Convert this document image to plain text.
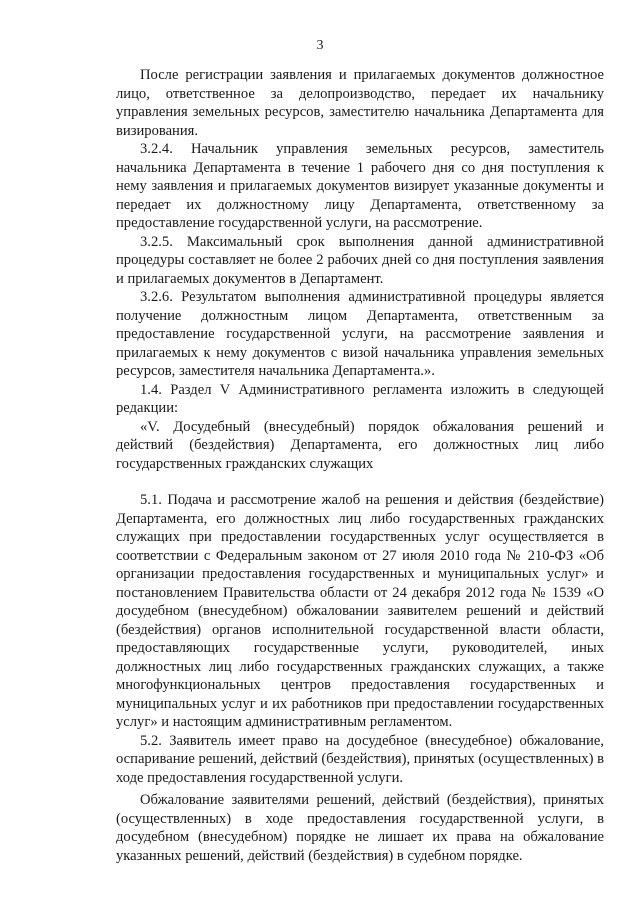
3

После регистрации заявления и прилагаемых документов должностное лицо, ответственное за делопроизводство, передает их начальнику управления земельных ресурсов, заместителю начальника Департамента для визирования.

3.2.4. Начальник управления земельных ресурсов, заместитель начальника Департамента в течение 1 рабочего дня со дня поступления к нему заявления и прилагаемых документов визирует указанные документы и передает их должностному лицу Департамента, ответственному за предоставление государственной услуги, на рассмотрение.

3.2.5. Максимальный срок выполнения данной административной процедуры составляет не более 2 рабочих дней со дня поступления заявления и прилагаемых документов в Департамент.

3.2.6. Результатом выполнения административной процедуры является получение должностным лицом Департамента, ответственным за предоставление государственной услуги, на рассмотрение заявления и прилагаемых к нему документов с визой начальника управления земельных ресурсов, заместителя начальника Департамента.».

1.4. Раздел V Административного регламента изложить в следующей редакции:

«V. Досудебный (внесудебный) порядок обжалования решений и действий (бездействия) Департамента, его должностных лиц либо государственных гражданских служащих

5.1. Подача и рассмотрение жалоб на решения и действия (бездействие) Департамента, его должностных лиц либо государственных гражданских служащих при предоставлении государственных услуг осуществляется в соответствии с Федеральным законом от 27 июля 2010 года № 210-ФЗ «Об организации предоставления государственных и муниципальных услуг» и постановлением Правительства области от 24 декабря 2012 года № 1539 «О досудебном (внесудебном) обжаловании заявителем решений и действий (бездействия) органов исполнительной государственной власти области, предоставляющих государственные услуги, руководителей, иных должностных лиц либо государственных гражданских служащих, а также многофункциональных центров предоставления государственных и муниципальных услуг и их работников при предоставлении государственных услуг» и настоящим административным регламентом.

5.2. Заявитель имеет право на досудебное (внесудебное) обжалование, оспаривание решений, действий (бездействия), принятых (осуществленных) в ходе предоставления государственной услуги.

Обжалование заявителями решений, действий (бездействия), принятых (осуществленных) в ходе предоставления государственной услуги, в досудебном (внесудебном) порядке не лишает их права на обжалование указанных решений, действий (бездействия) в судебном порядке.
